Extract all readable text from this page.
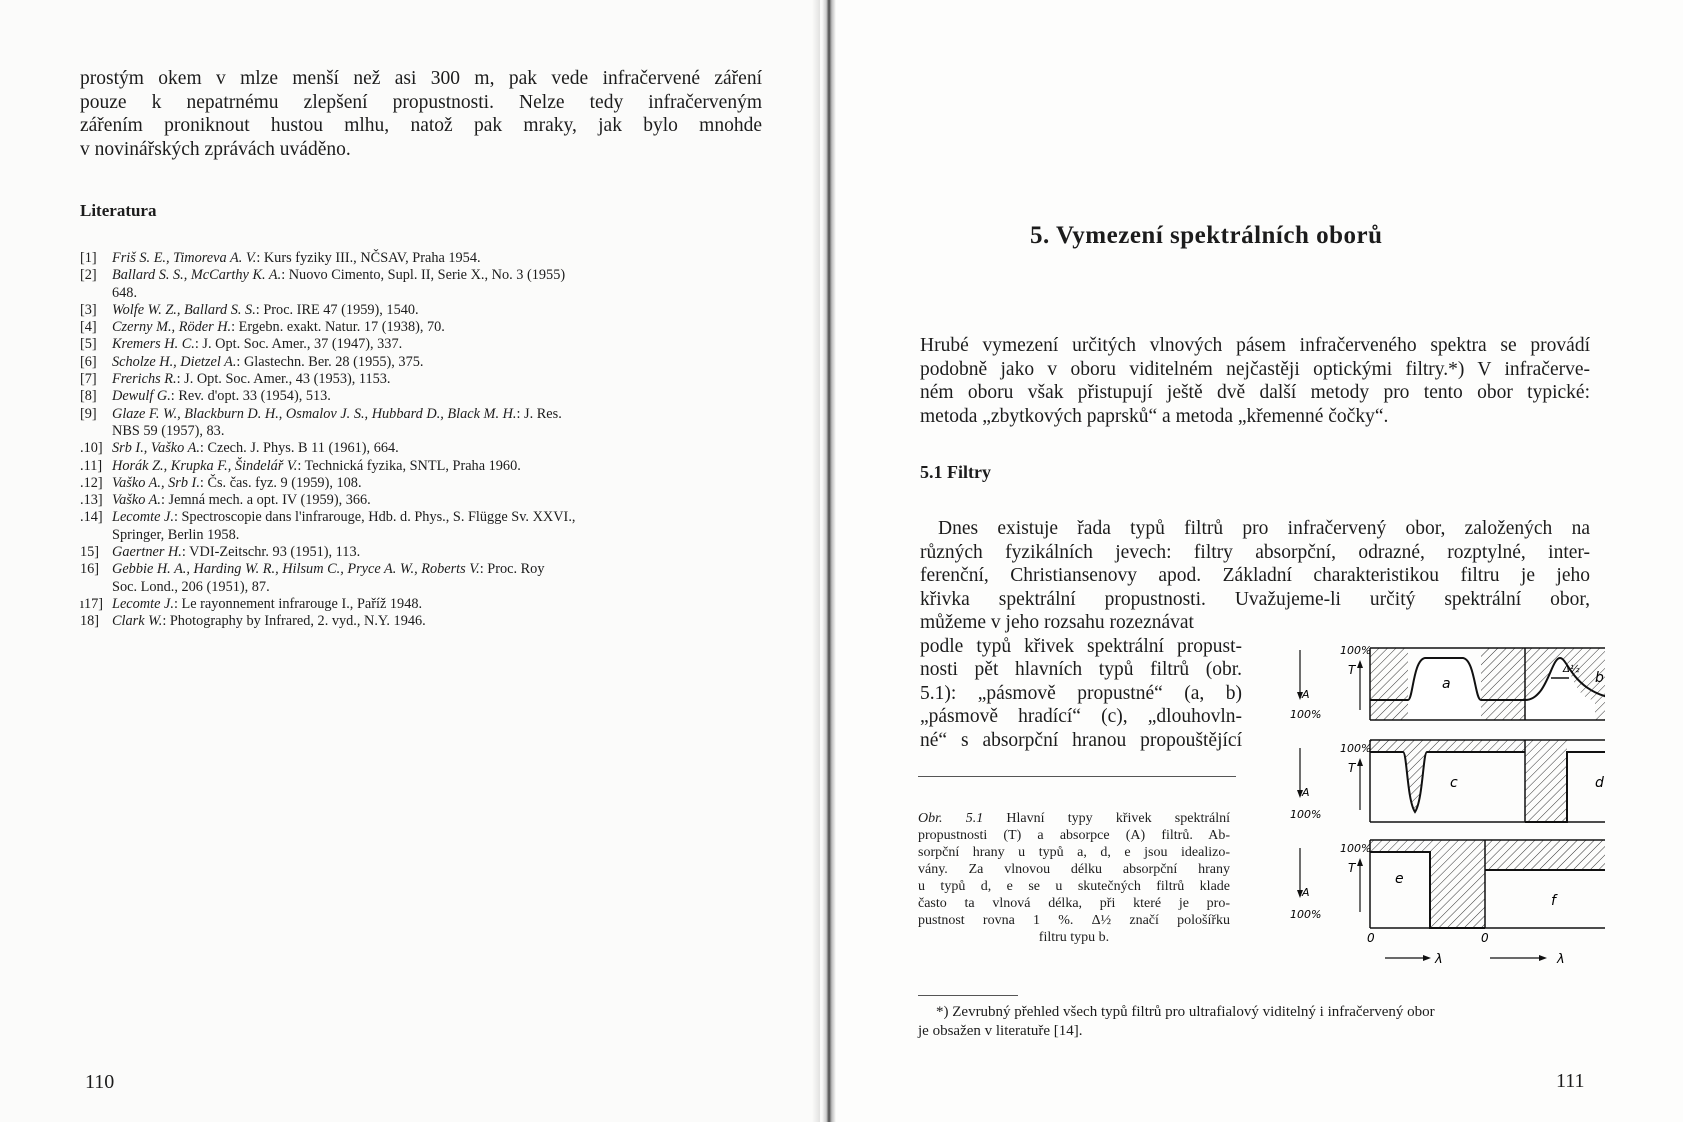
prostým okem v mlze menší než asi 300 m, pak vede infračervené záření
pouze k nepatrnému zlepšení propustnosti. Nelze tedy infračerveným
zářením proniknout hustou mlhu, natož pak mraky, jak bylo mnohde
v novinářských zprávách uváděno.
Literatura
[1]	Friš S. E., Timoreva A. V.: Kurs fyziky III., NČSAV, Praha 1954.
[2]	Ballard S. S., McCarthy K. A.: Nuovo Cimento, Supl. II, Serie X., No. 3 (1955)
648.
[3]	Wolfe W. Z., Ballard S. S.: Proc. IRE 47 (1959), 1540.
[4]	Czerny M., Röder H.: Ergebn. exakt. Natur. 17 (1938), 70.
[5]	Kremers H. C.: J. Opt. Soc. Amer., 37 (1947), 337.
[6]	Scholze H., Dietzel A.: Glastechn. Ber. 28 (1955), 375.
[7]	Frerichs R.: J. Opt. Soc. Amer., 43 (1953), 1153.
[8]	Dewulf G.: Rev. d'opt. 33 (1954), 513.
[9]	Glaze F. W., Blackburn D. H., Osmalov J. S., Hubbard D., Black M. H.: J. Res.
NBS 59 (1957), 83.
.10] Srb I., Vaško A.: Czech. J. Phys. B 11 (1961), 664.
.11] Horák Z., Krupka F., Šindelář V.: Technická fyzika, SNTL, Praha 1960.
.12] Vaško A., Srb I.: Čs. čas. fyz. 9 (1959), 108.
.13] Vaško A.: Jemná mech. a opt. IV (1959), 366.
.14] Lecomte J.: Spectroscopie dans l'infrarouge, Hdb. d. Phys., S. Flügge Sv. XXVI.,
Springer, Berlin 1958.
15] Gaertner H.: VDI-Zeitschr. 93 (1951), 113.
16] Gebbie H. A., Harding W. R., Hilsum C., Pryce A. W., Roberts V.: Proc. Roy
Soc. Lond., 206 (1951), 87.
ı17] Lecomte J.: Le rayonnement infrarouge I., Paříž 1948.
18] Clark W.: Photography by Infrared, 2. vyd., N.Y. 1946.
110
5. Vymezení spektrálních oborů
Hrubé vymezení určitých vlnových pásem infračerveného spektra se provádí
podobně jako v oboru viditelném nejčastěji optickými filtry.*) V infračerve-
ném oboru však přistupují ještě dvě další metody pro tento obor typické:
metoda „zbytkových paprsků“ a metoda „křemenné čočky“.
5.1 Filtry
Dnes existuje řada typů filtrů pro infračervený obor, založených na
různých fyzikálních jevech: filtry absorpční, odrazné, rozptylné, inter-
ferenční, Christiansenovy apod. Základní charakteristikou filtru je jeho
křivka spektrální propustnosti. Uvažujeme-li určitý spektrální obor,
můžeme v jeho rozsahu rozeznávat
podle typů křivek spektrální propust-
nosti pět hlavních typů filtrů (obr.
5.1): „pásmově propustné“ (a, b)
„pásmově hradící“ (c), „dlouhovln-
né“ s absorpční hranou propouštějící
Obr. 5.1 Hlavní typy křivek spektrální
propustnosti (T) a absorpce (A) filtrů. Ab-
sorpční hrany u typů a, d, e jsou idealizo-
vány. Za vlnovou délku absorpční hrany
u typů d, e se u skutečných filtrů klade
často ta vlnová délka, při které je pro-
pustnost rovna 1 %. Δ½ značí pološířku
filtru typu b.
a	b
Δ½
100%
T
A
100%
c	d
100%
T
A
100%
e
f
100%
T
A
100%
0	0
λ	λ
*) Zevrubný přehled všech typů filtrů pro ultrafialový viditelný i infračervený obor
je obsažen v literatuře [14].
111
